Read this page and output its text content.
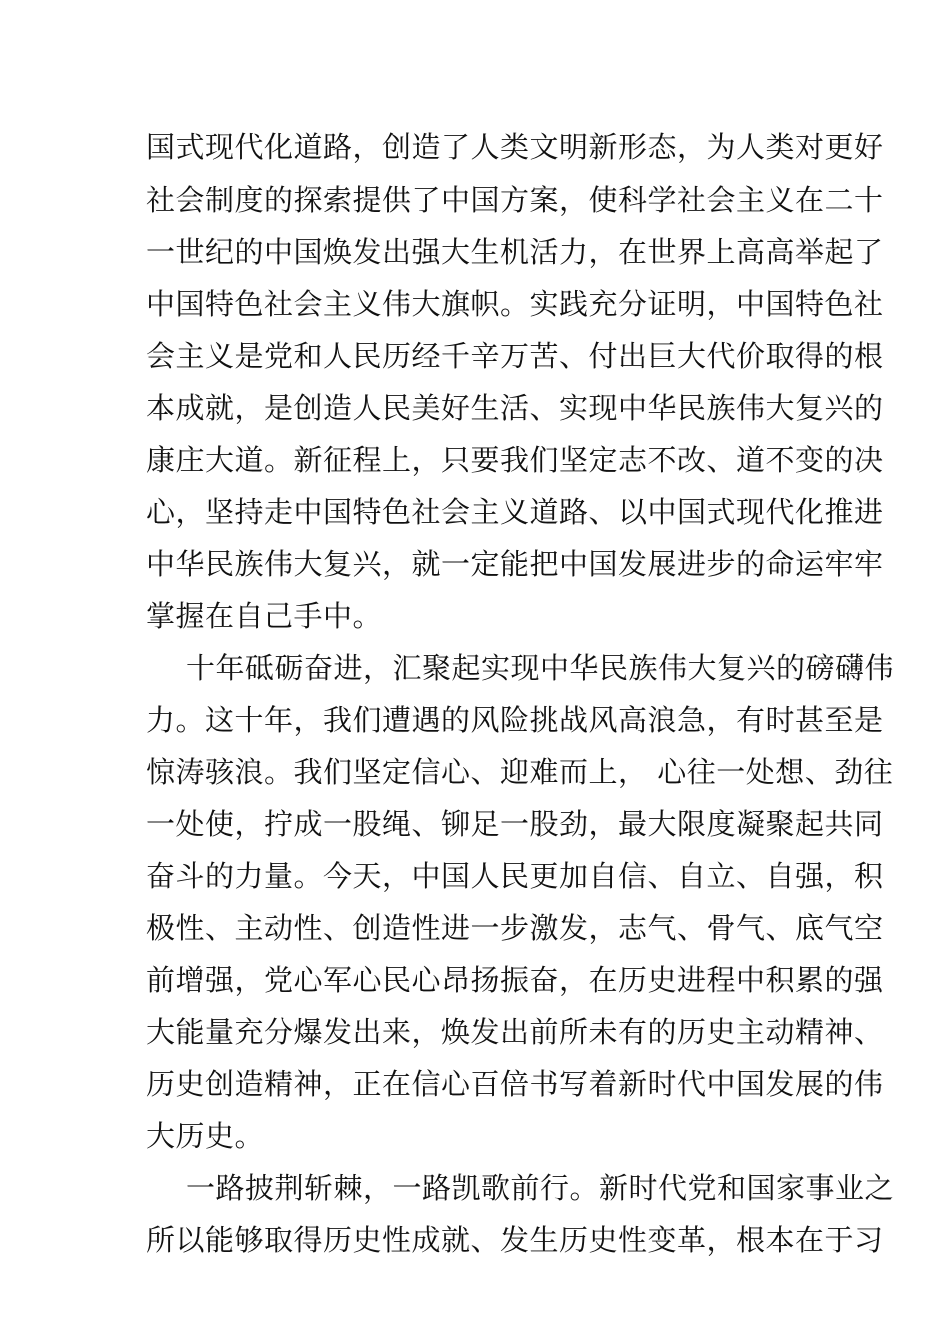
国式现代化道路，创造了人类文明新形态，为人类对更好
社会制度的探索提供了中国方案，使科学社会主义在二十
一世纪的中国焕发出强大生机活力，在世界上高高举起了
中国特色社会主义伟大旗帜。实践充分证明，中国特色社
会主义是党和人民历经千辛万苦、付出巨大代价取得的根
本成就，是创造人民美好生活、实现中华民族伟大复兴的
康庄大道。新征程上，只要我们坚定志不改、道不变的决
心，坚持走中国特色社会主义道路、以中国式现代化推进
中华民族伟大复兴，就一定能把中国发展进步的命运牢牢
掌握在自己手中。
十年砥砺奋进，汇聚起实现中华民族伟大复兴的磅礴伟
力。这十年，我们遭遇的风险挑战风高浪急，有时甚至是
惊涛骇浪。我们坚定信心、迎难而上， 心往一处想、劲往
一处使，拧成一股绳、铆足一股劲，最大限度凝聚起共同
奋斗的力量。今天，中国人民更加自信、自立、自强，积
极性、主动性、创造性进一步激发，志气、骨气、底气空
前增强，党心军心民心昂扬振奋，在历史进程中积累的强
大能量充分爆发出来，焕发出前所未有的历史主动精神、
历史创造精神，正在信心百倍书写着新时代中国发展的伟
大历史。
一路披荆斩棘，一路凯歌前行。新时代党和国家事业之
所以能够取得历史性成就、发生历史性变革，根本在于习
